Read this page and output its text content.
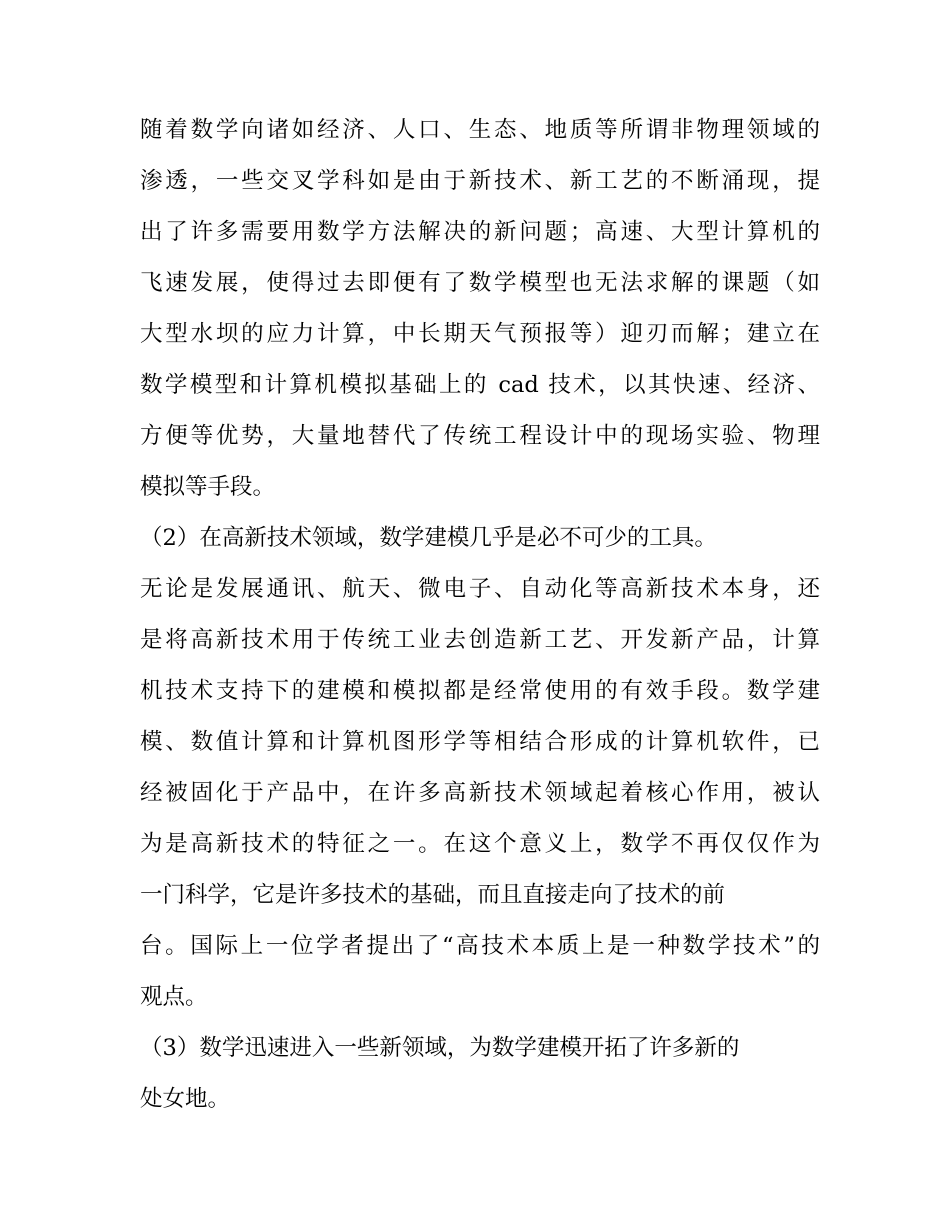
随着数学向诸如经济、人口、生态、地质等所谓非物理领域的
渗透，一些交叉学科如是由于新技术、新工艺的不断涌现，提
出了许多需要用数学方法解决的新问题；高速、大型计算机的
飞速发展，使得过去即便有了数学模型也无法求解的课题（如
大型水坝的应力计算，中长期天气预报等）迎刃而解；建立在
数学模型和计算机模拟基础上的 cad 技术，以其快速、经济、
方便等优势，大量地替代了传统工程设计中的现场实验、物理
模拟等手段。
（2）在高新技术领域，数学建模几乎是必不可少的工具。
无论是发展通讯、航天、微电子、自动化等高新技术本身，还
是将高新技术用于传统工业去创造新工艺、开发新产品，计算
机技术支持下的建模和模拟都是经常使用的有效手段。数学建
模、数值计算和计算机图形学等相结合形成的计算机软件，已
经被固化于产品中，在许多高新技术领域起着核心作用，被认
为是高新技术的特征之一。在这个意义上，数学不再仅仅作为
一门科学，它是许多技术的基础，而且直接走向了技术的前
台。国际上一位学者提出了“高技术本质上是一种数学技术”的
观点。
（3）数学迅速进入一些新领域，为数学建模开拓了许多新的
处女地。
